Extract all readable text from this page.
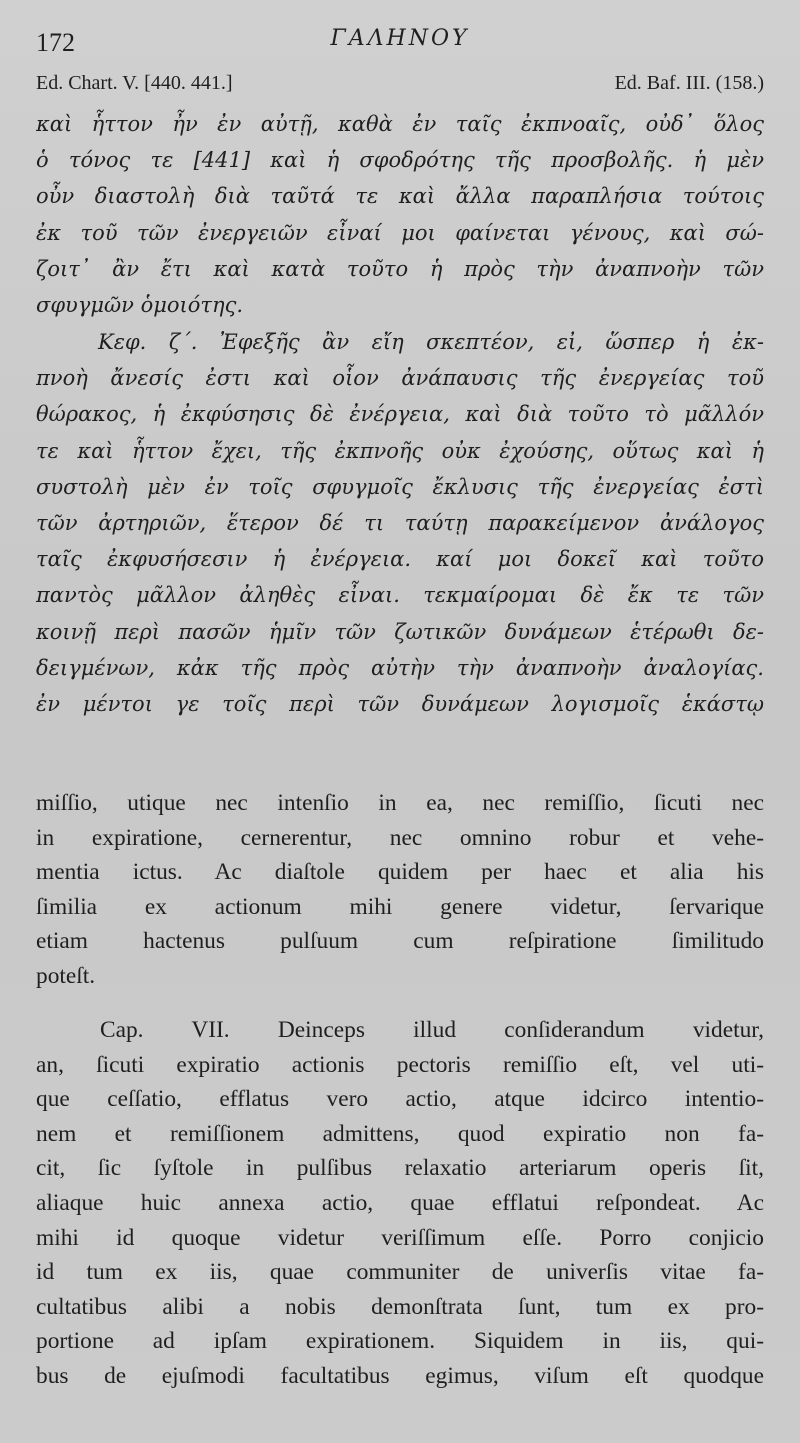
172	ΓΑΛΗΝΟΥ
Ed. Chart. V. [440. 441.]	Ed. Baf. III. (158.)
καὶ ἧττον ἦν ἐν αὐτῇ, καθὰ ἐν ταῖς ἐκπνοαῖς, οὐδ᾽ ὅλος
ὁ τόνος τε [441] καὶ ἡ σφοδρότης τῆς προσβολῆς. ἡ μὲν
οὖν διαστολὴ διὰ ταῦτά τε καὶ ἄλλα παραπλήσια τούτοις
ἐκ τοῦ τῶν ἐνεργειῶν εἶναί μοι φαίνεται γένους, καὶ σώ-
ζοιτ᾽ ἂν ἔτι καὶ κατὰ τοῦτο ἡ πρὸς τὴν ἀναπνοὴν τῶν
σφυγμῶν ὁμοιότης.
Κεφ. ζ΄. Ἐφεξῆς ἂν εἴη σκεπτέον, εἰ, ὥσπερ ἡ ἐκ-
πνοὴ ἄνεσίς ἐστι καὶ οἷον ἀνάπαυσις τῆς ἐνεργείας τοῦ
θώρακος, ἡ ἐκφύσησις δὲ ἐνέργεια, καὶ διὰ τοῦτο τὸ μᾶλλόν
τε καὶ ἧττον ἔχει, τῆς ἐκπνοῆς οὐκ ἐχούσης, οὕτως καὶ ἡ
συστολὴ μὲν ἐν τοῖς σφυγμοῖς ἔκλυσις τῆς ἐνεργείας ἐστὶ
τῶν ἀρτηριῶν, ἕτερον δέ τι ταύτῃ παρακείμενον ἀνάλογος
ταῖς ἐκφυσήσεσιν ἡ ἐνέργεια. καί μοι δοκεῖ καὶ τοῦτο
παντὸς μᾶλλον ἀληθὲς εἶναι. τεκμαίρομαι δὲ ἔκ τε τῶν
κοινῇ περὶ πασῶν ἡμῖν τῶν ζωτικῶν δυνάμεων ἑτέρωθι δε-
δειγμένων, κἀκ τῆς πρὸς αὐτὴν τὴν ἀναπνοὴν ἀναλογίας.
ἐν μέντοι γε τοῖς περὶ τῶν δυνάμεων λογισμοῖς ἑκάστῳ
miſſio, utique nec intenſio in ea, nec remiſſio, ſicuti nec
in expiratione, cernerentur, nec omnino robur et vehe-
mentia ictus. Ac diaſtole quidem per haec et alia his
ſimilia ex actionum mihi genere videtur, ſervarique
etiam hactenus pulſuum cum reſpiratione ſimilitudo
poteſt.
Cap. VII. Deinceps illud conſiderandum videtur,
an, ſicuti expiratio actionis pectoris remiſſio eſt, vel uti-
que ceſſatio, efflatus vero actio, atque idcirco intentio-
nem et remiſſionem admittens, quod expiratio non fa-
cit, ſic ſyſtole in pulſibus relaxatio arteriarum operis ſit,
aliaque huic annexa actio, quae efflatui reſpondeat. Ac
mihi id quoque videtur veriſſimum eſſe. Porro conjicio
id tum ex iis, quae communiter de univerſis vitae fa-
cultatibus alibi a nobis demonſtrata ſunt, tum ex pro-
portione ad ipſam expirationem. Siquidem in iis, qui-
bus de ejuſmodi facultatibus egimus, viſum eſt quodque
